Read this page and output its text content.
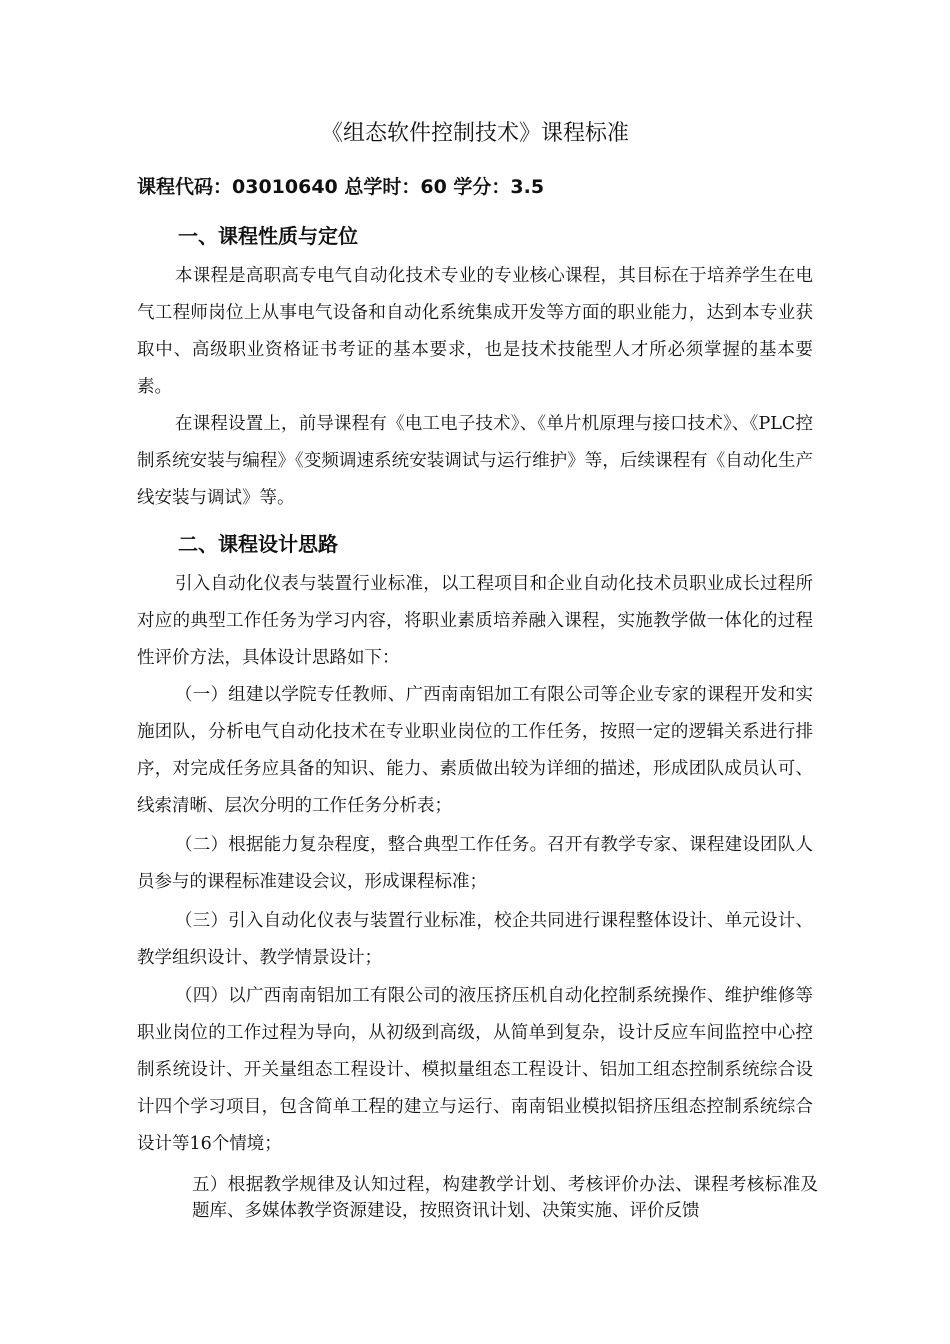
《组态软件控制技术》课程标准
课程代码：03010640 总学时：60 学分：3.5
一、课程性质与定位
本课程是高职高专电气自动化技术专业的专业核心课程，其目标在于培养学生在电气工程师岗位上从事电气设备和自动化系统集成开发等方面的职业能力，达到本专业获取中、高级职业资格证书考证的基本要求，也是技术技能型人才所必须掌握的基本要素。
在课程设置上，前导课程有《电工电子技术》、《单片机原理与接口技术》、《PLC控制系统安装与编程》《变频调速系统安装调试与运行维护》等，后续课程有《自动化生产线安装与调试》等。
二、课程设计思路
引入自动化仪表与装置行业标准，以工程项目和企业自动化技术员职业成长过程所对应的典型工作任务为学习内容，将职业素质培养融入课程，实施教学做一体化的过程性评价方法，具体设计思路如下：
（一）组建以学院专任教师、广西南南铝加工有限公司等企业专家的课程开发和实施团队，分析电气自动化技术在专业职业岗位的工作任务，按照一定的逻辑关系进行排序，对完成任务应具备的知识、能力、素质做出较为详细的描述，形成团队成员认可、线索清晰、层次分明的工作任务分析表；
（二）根据能力复杂程度，整合典型工作任务。召开有教学专家、课程建设团队人员参与的课程标准建设会议，形成课程标准；
（三）引入自动化仪表与装置行业标准，校企共同进行课程整体设计、单元设计、教学组织设计、教学情景设计；
（四）以广西南南铝加工有限公司的液压挤压机自动化控制系统操作、维护维修等职业岗位的工作过程为导向，从初级到高级，从简单到复杂，设计反应车间监控中心控制系统设计、开关量组态工程设计、模拟量组态工程设计、铝加工组态控制系统综合设计四个学习项目，包含简单工程的建立与运行、南南铝业模拟铝挤压组态控制系统综合设计等16个情境；
五）根据教学规律及认知过程，构建教学计划、考核评价办法、课程考核标准及题库、多媒体教学资源建设，按照资讯计划、决策实施、评价反馈
